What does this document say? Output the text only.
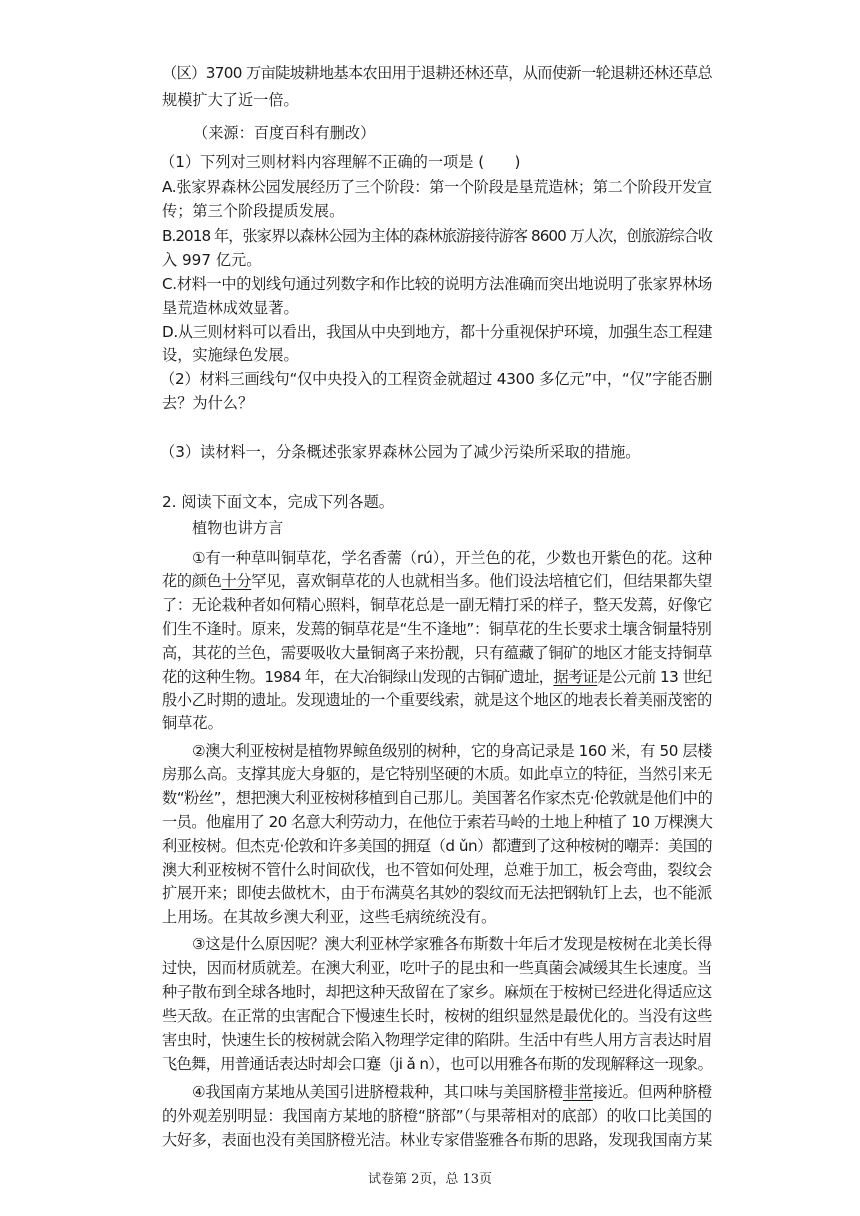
（区）3700 万亩陡坡耕地基本农田用于退耕还林还草，从而使新一轮退耕还林还草总

规模扩大了近一倍。

（来源：百度百科有删改）

（1）下列对三则材料内容理解不正确的一项是 (　　)

A.张家界森林公园发展经历了三个阶段：第一个阶段是垦荒造林；第二个阶段开发宣

传；第三个阶段提质发展。

B.2018 年，张家界以森林公园为主体的森林旅游接待游客 8600 万人次，创旅游综合收

入 997 亿元。

C.材料一中的划线句通过列数字和作比较的说明方法准确而突出地说明了张家界林场

垦荒造林成效显著。

D.从三则材料可以看出，我国从中央到地方，都十分重视保护环境，加强生态工程建

设，实施绿色发展。

（2）材料三画线句“仅中央投入的工程资金就超过 4300 多亿元”中，“仅”字能否删

去？为什么？

（3）读材料一，分条概述张家界森林公园为了减少污染所采取的措施。

2. 阅读下面文本，完成下列各题。

植物也讲方言

①有一种草叫铜草花，学名香薷（rú），开兰色的花，少数也开紫色的花。这种

花的颜色十分罕见，喜欢铜草花的人也就相当多。他们设法培植它们，但结果都失望

了：无论栽种者如何精心照料，铜草花总是一副无精打采的样子，整天发蔫，好像它

们生不逢时。原来，发蔫的铜草花是“生不逢地”：铜草花的生长要求土壤含铜量特别

高，其花的兰色，需要吸收大量铜离子来扮靓，只有蕴藏了铜矿的地区才能支持铜草

花的这种生物。1984 年，在大冶铜绿山发现的古铜矿遗址，据考证是公元前 13 世纪

殷小乙时期的遗址。发现遗址的一个重要线索，就是这个地区的地表长着美丽茂密的

铜草花。

②澳大利亚桉树是植物界鲸鱼级别的树种，它的身高记录是 160 米，有 50 层楼

房那么高。支撑其庞大身躯的，是它特别坚硬的木质。如此卓立的特征，当然引来无

数“粉丝”，想把澳大利亚桉树移植到自己那儿。美国著名作家杰克·伦敦就是他们中的

一员。他雇用了 20 名意大利劳动力，在他位于索若马岭的土地上种植了 10 万棵澳大

利亚桉树。但杰克·伦敦和许多美国的拥趸（d ǔn）都遭到了这种桉树的嘲弄：美国的

澳大利亚桉树不管什么时间砍伐，也不管如何处理，总难于加工，板会弯曲，裂纹会

扩展开来；即使去做枕木，由于布满莫名其妙的裂纹而无法把钢轨钉上去，也不能派

上用场。在其故乡澳大利亚，这些毛病统统没有。

③这是什么原因呢？澳大利亚林学家雅各布斯数十年后才发现是桉树在北美长得

过快，因而材质就差。在澳大利亚，吃叶子的昆虫和一些真菌会减缓其生长速度。当

种子散布到全球各地时，却把这种天敌留在了家乡。麻烦在于桉树已经进化得适应这

些天敌。在正常的虫害配合下慢速生长时，桉树的组织显然是最优化的。当没有这些

害虫时，快速生长的桉树就会陷入物理学定律的陷阱。生活中有些人用方言表达时眉

飞色舞，用普通话表达时却会口蹇（ji ǎ n），也可以用雅各布斯的发现解释这一现象。

④我国南方某地从美国引进脐橙栽种，其口味与美国脐橙非常接近。但两种脐橙

的外观差别明显：我国南方某地的脐橙“脐部”（与果蒂相对的底部）的收口比美国的

大好多，表面也没有美国脐橙光洁。林业专家借鉴雅各布斯的思路，发现我国南方某

试卷第 2页，总 13页
